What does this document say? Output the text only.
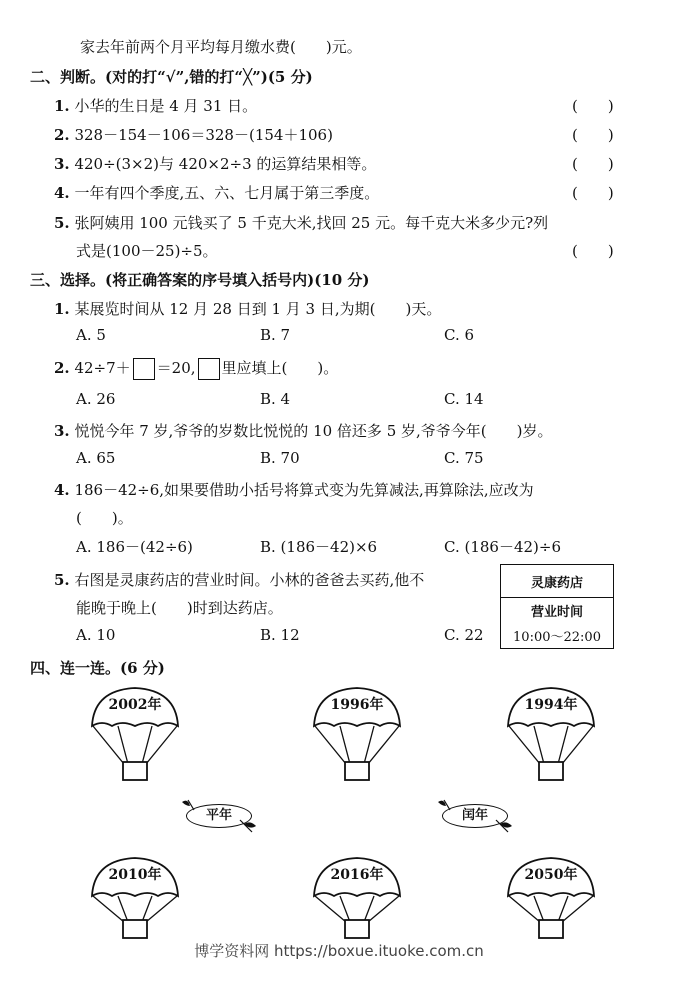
家去年前两个月平均每月缴水费(　　)元。
二、判断。(对的打“√”,错的打“╳”)(5 分)
1. 小华的生日是 4 月 31 日。	(　　)
2. 328－154－106＝328－(154＋106)	(　　)
3. 420÷(3×2)与 420×2÷3 的运算结果相等。	(　　)
4. 一年有四个季度,五、六、七月属于第三季度。	(　　)
5. 张阿姨用 100 元钱买了 5 千克大米,找回 25 元。每千克大米多少元?列
式是(100－25)÷5。	(　　)
三、选择。(将正确答案的序号填入括号内)(10 分)
1. 某展览时间从 12 月 28 日到 1 月 3 日,为期(　　)天。
A. 5	B. 7	C. 6
2. 42÷7＋ ＝20, 里应填上(　　)。
A. 26	B. 4	C. 14
3. 悦悦今年 7 岁,爷爷的岁数比悦悦的 10 倍还多 5 岁,爷爷今年(　　)岁。
A. 65	B. 70	C. 75
4. 186－42÷6,如果要借助小括号将算式变为先算减法,再算除法,应改为
(　　)。
A. 186－(42÷6)	B. (186－42)×6	C. (186－42)÷6
5. 右图是灵康药店的营业时间。小林的爸爸去买药,他不
能晚于晚上(　　)时到达药店。
A. 10	B. 12	C. 22
灵康药店
营业时间
10:00～22:00
四、连一连。(6 分)
2002年	1996年	1994年
平年	闰年
2010年	2016年	2050年
博学资料网 https://boxue.ituoke.com.cn
